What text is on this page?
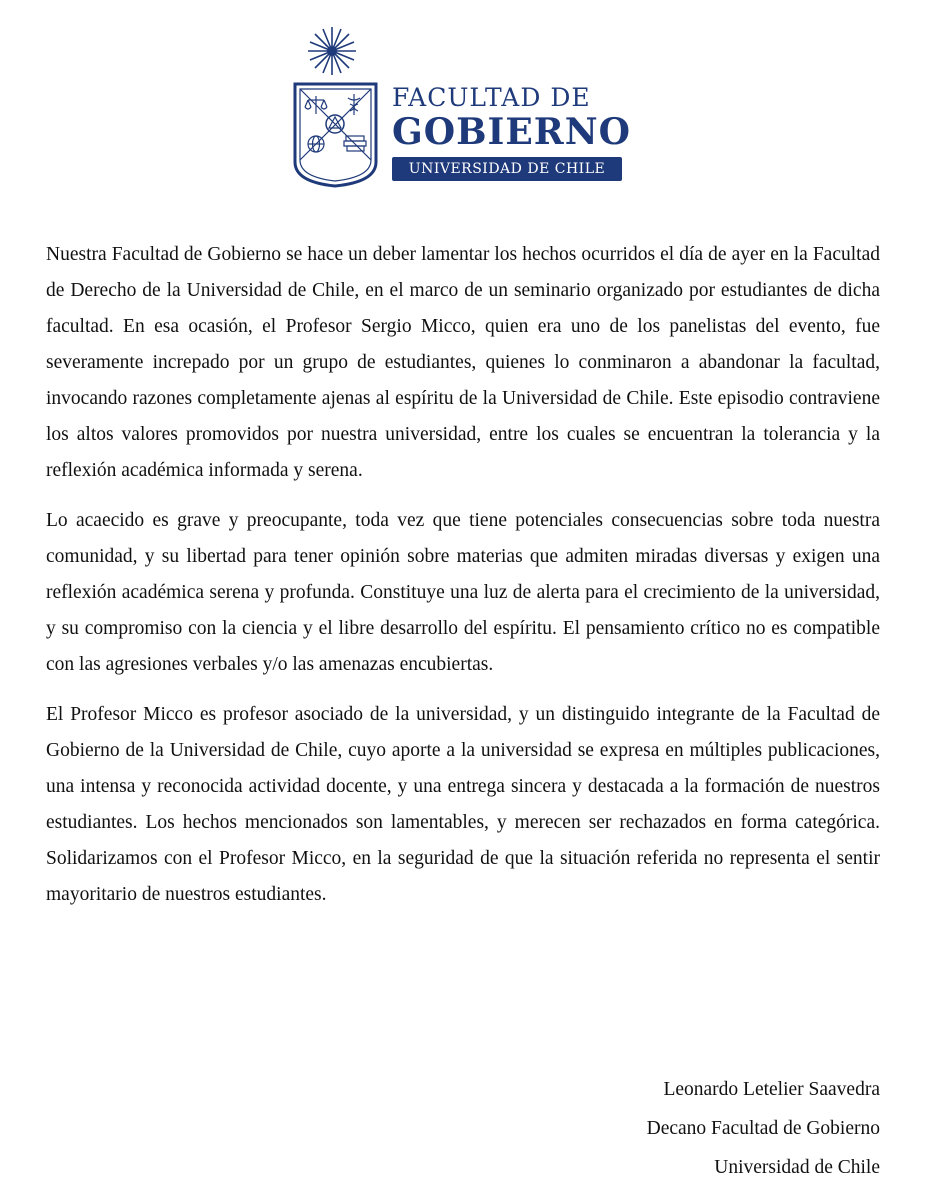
FACULTAD DE
GOBIERNO
UNIVERSIDAD DE CHILE

Nuestra Facultad de Gobierno se hace un deber lamentar los hechos ocurridos el día de ayer en la Facultad de Derecho de la Universidad de Chile, en el marco de un seminario organizado por estudiantes de dicha facultad. En esa ocasión, el Profesor Sergio Micco, quien era uno de los panelistas del evento, fue severamente increpado por un grupo de estudiantes, quienes lo conminaron a abandonar la facultad, invocando razones completamente ajenas al espíritu de la Universidad de Chile. Este episodio contraviene los altos valores promovidos por nuestra universidad, entre los cuales se encuentran la tolerancia y la reflexión académica informada y serena.

Lo acaecido es grave y preocupante, toda vez que tiene potenciales consecuencias sobre toda nuestra comunidad, y su libertad para tener opinión sobre materias que admiten miradas diversas y exigen una reflexión académica serena y profunda. Constituye una luz de alerta para el crecimiento de la universidad, y su compromiso con la ciencia y el libre desarrollo del espíritu. El pensamiento crítico no es compatible con las agresiones verbales y/o las amenazas encubiertas.

El Profesor Micco es profesor asociado de la universidad, y un distinguido integrante de la Facultad de Gobierno de la Universidad de Chile, cuyo aporte a la universidad se expresa en múltiples publicaciones, una intensa y reconocida actividad docente, y una entrega sincera y destacada a la formación de nuestros estudiantes. Los hechos mencionados son lamentables, y merecen ser rechazados en forma categórica. Solidarizamos con el Profesor Micco, en la seguridad de que la situación referida no representa el sentir mayoritario de nuestros estudiantes.

Leonardo Letelier Saavedra
Decano Facultad de Gobierno
Universidad de Chile
